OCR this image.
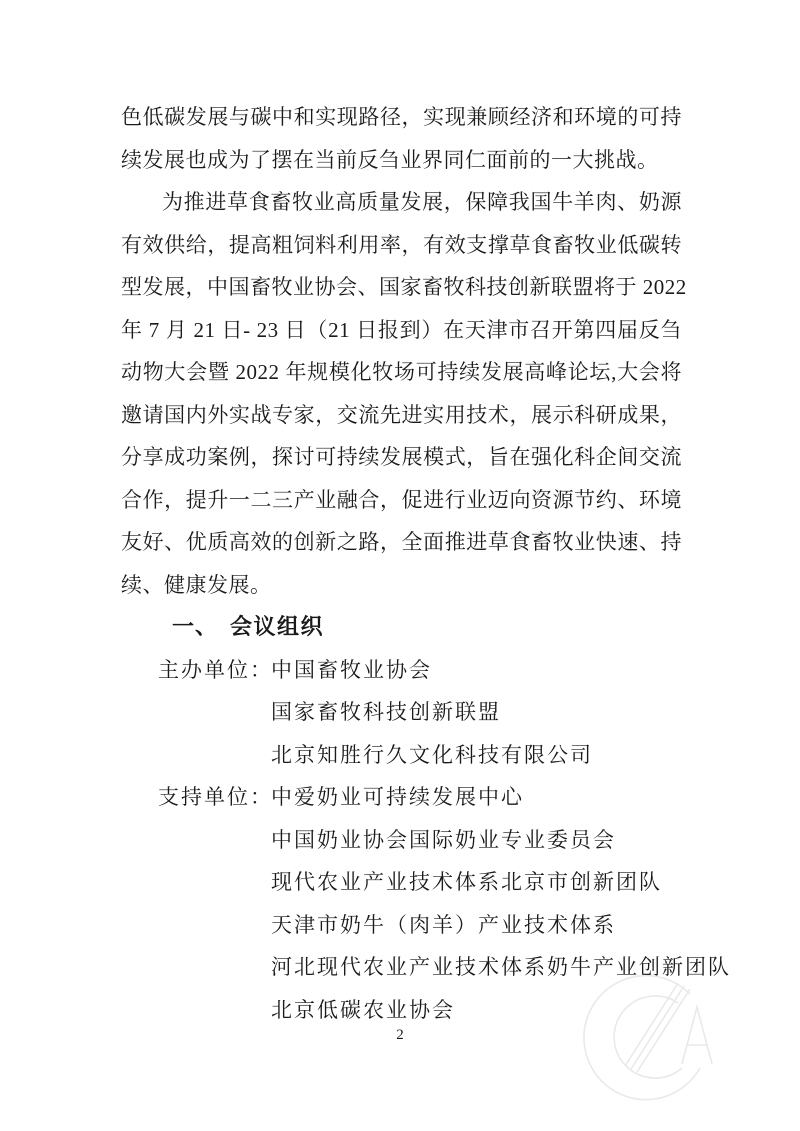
色低碳发展与碳中和实现路径，实现兼顾经济和环境的可持
续发展也成为了摆在当前反刍业界同仁面前的一大挑战。
为推进草食畜牧业高质量发展，保障我国牛羊肉、奶源
有效供给，提高粗饲料利用率，有效支撑草食畜牧业低碳转
型发展，中国畜牧业协会、国家畜牧科技创新联盟将于 2022
年 7 月 21 日- 23 日（21 日报到）在天津市召开第四届反刍
动物大会暨 2022 年规模化牧场可持续发展高峰论坛,大会将
邀请国内外实战专家，交流先进实用技术，展示科研成果，
分享成功案例，探讨可持续发展模式，旨在强化科企间交流
合作，提升一二三产业融合，促进行业迈向资源节约、环境
友好、优质高效的创新之路，全面推进草食畜牧业快速、持
续、健康发展。
一、 会议组织
主办单位：中国畜牧业协会
国家畜牧科技创新联盟
北京知胜行久文化科技有限公司
支持单位：中爱奶业可持续发展中心
中国奶业协会国际奶业专业委员会
现代农业产业技术体系北京市创新团队
天津市奶牛（肉羊）产业技术体系
河北现代农业产业技术体系奶牛产业创新团队
北京低碳农业协会
2
